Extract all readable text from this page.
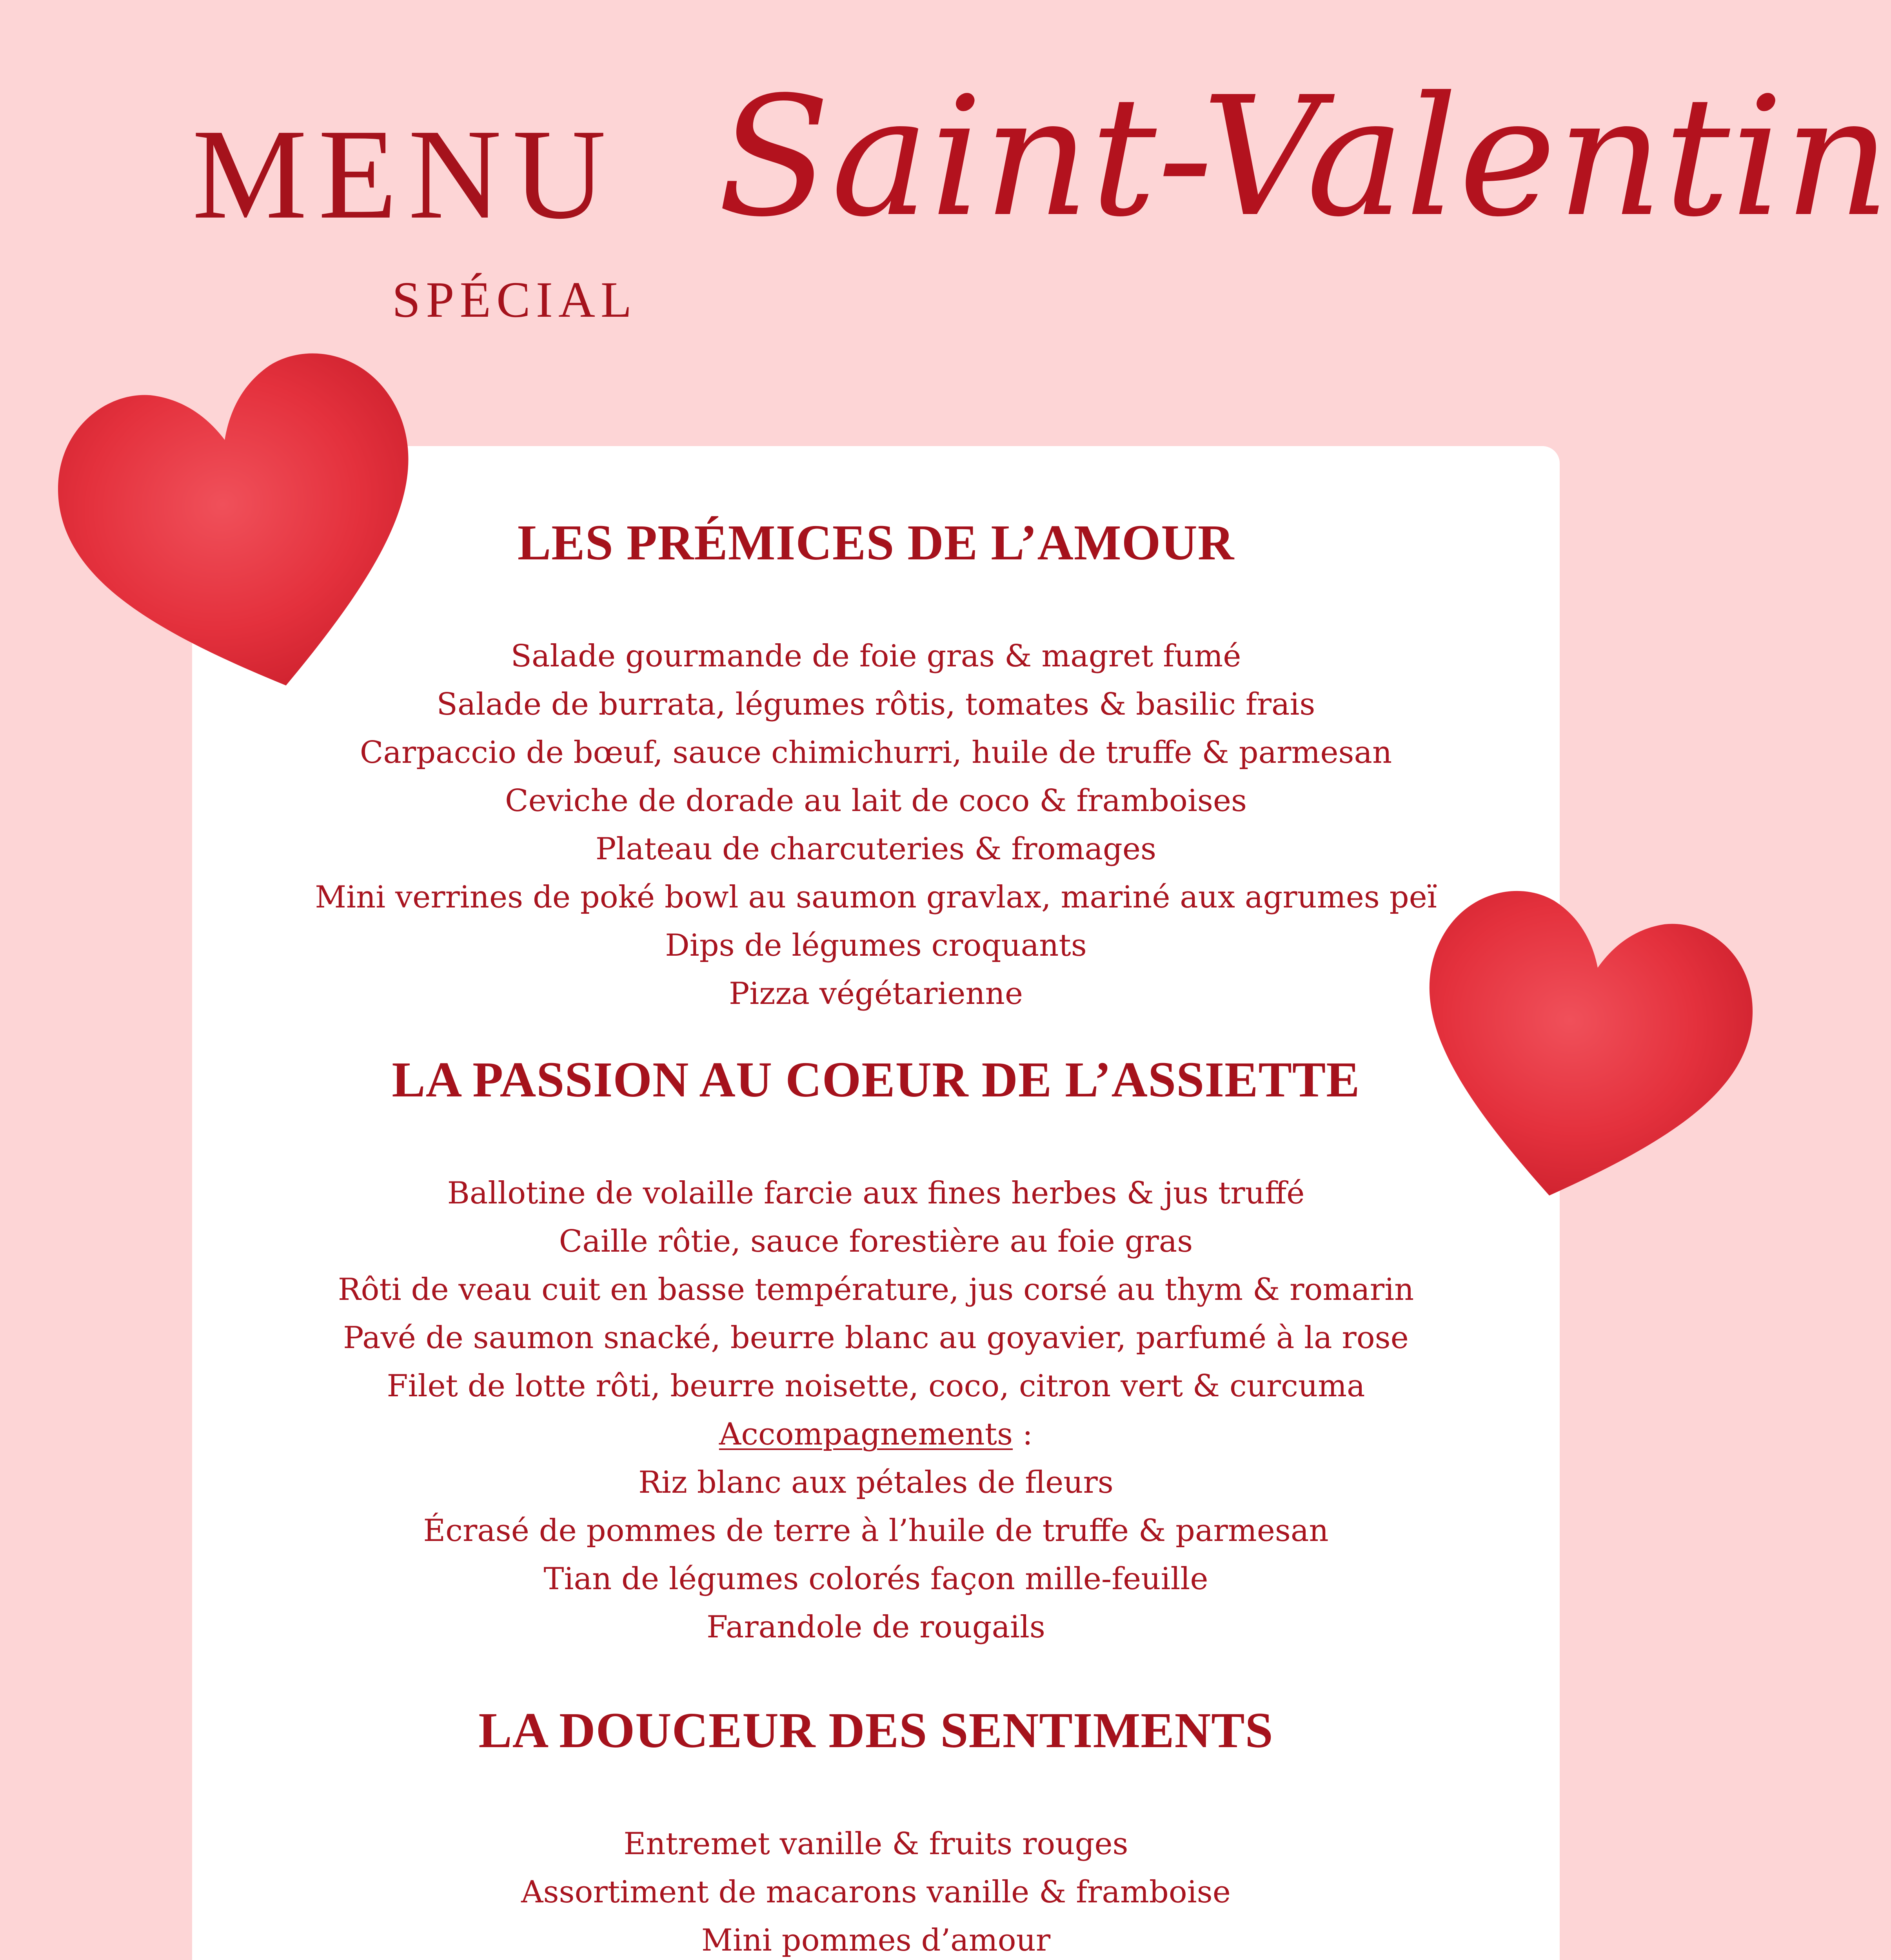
MENU
SPÉCIAL
Saint-Valentin
LES PRÉMICES DE L’AMOUR
Salade gourmande de foie gras & magret fumé
Salade de burrata, légumes rôtis, tomates & basilic frais
Carpaccio de bœuf, sauce chimichurri, huile de truffe & parmesan
Ceviche de dorade au lait de coco & framboises
Plateau de charcuteries & fromages
Mini verrines de poké bowl au saumon gravlax, mariné aux agrumes peï
Dips de légumes croquants
Pizza végétarienne
LA PASSION AU COEUR DE L’ASSIETTE
Ballotine de volaille farcie aux fines herbes & jus truffé
Caille rôtie, sauce forestière au foie gras
Rôti de veau cuit en basse température, jus corsé au thym & romarin
Pavé de saumon snacké, beurre blanc au goyavier, parfumé à la rose
Filet de lotte rôti, beurre noisette, coco, citron vert & curcuma
Accompagnements :
Riz blanc aux pétales de fleurs
Écrasé de pommes de terre à l’huile de truffe & parmesan
Tian de légumes colorés façon mille-feuille
Farandole de rougails
LA DOUCEUR DES SENTIMENTS
Entremet vanille & fruits rouges
Assortiment de macarons vanille & framboise
Mini pommes d’amour
